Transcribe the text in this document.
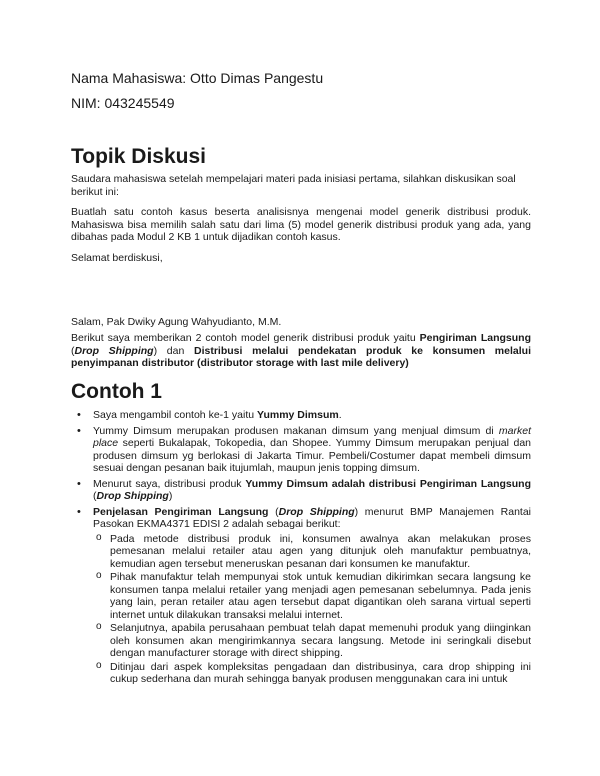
Nama Mahasiswa: Otto Dimas Pangestu
NIM: 043245549
Topik Diskusi

Saudara mahasiswa setelah mempelajari materi pada inisiasi pertama, silahkan diskusikan soal berikut ini:

Buatlah satu contoh kasus beserta analisisnya mengenai model generik distribusi produk. Mahasiswa bisa memilih salah satu dari lima (5) model generik distribusi produk yang ada, yang dibahas pada Modul 2 KB 1 untuk dijadikan contoh kasus.

Selamat berdiskusi,

Salam, Pak Dwiky Agung Wahyudianto, M.M.

Berikut saya memberikan 2 contoh model generik distribusi produk yaitu Pengiriman Langsung (Drop Shipping) dan Distribusi melalui pendekatan produk ke konsumen melalui penyimpanan distributor (distributor storage with last mile delivery)

Contoh 1
• Saya mengambil contoh ke-1 yaitu Yummy Dimsum.
• Yummy Dimsum merupakan produsen makanan dimsum yang menjual dimsum di market place seperti Bukalapak, Tokopedia, dan Shopee. Yummy Dimsum merupakan penjual dan produsen dimsum yg berlokasi di Jakarta Timur. Pembeli/Costumer dapat membeli dimsum sesuai dengan pesanan baik itujumlah, maupun jenis topping dimsum.
• Menurut saya, distribusi produk Yummy Dimsum adalah distribusi Pengiriman Langsung (Drop Shipping)
• Penjelasan Pengiriman Langsung (Drop Shipping) menurut BMP Manajemen Rantai Pasokan EKMA4371 EDISI 2 adalah sebagai berikut:
o Pada metode distribusi produk ini, konsumen awalnya akan melakukan proses pemesanan melalui retailer atau agen yang ditunjuk oleh manufaktur pembuatnya, kemudian agen tersebut meneruskan pesanan dari konsumen ke manufaktur.
o Pihak manufaktur telah mempunyai stok untuk kemudian dikirimkan secara langsung ke konsumen tanpa melalui retailer yang menjadi agen pemesanan sebelumnya. Pada jenis yang lain, peran retailer atau agen tersebut dapat digantikan oleh sarana virtual seperti internet untuk dilakukan transaksi melalui internet.
o Selanjutnya, apabila perusahaan pembuat telah dapat memenuhi produk yang diinginkan oleh konsumen akan mengirimkannya secara langsung. Metode ini seringkali disebut dengan manufacturer storage with direct shipping.
o Ditinjau dari aspek kompleksitas pengadaan dan distribusinya, cara drop shipping ini cukup sederhana dan murah sehingga banyak produsen menggunakan cara ini untuk
